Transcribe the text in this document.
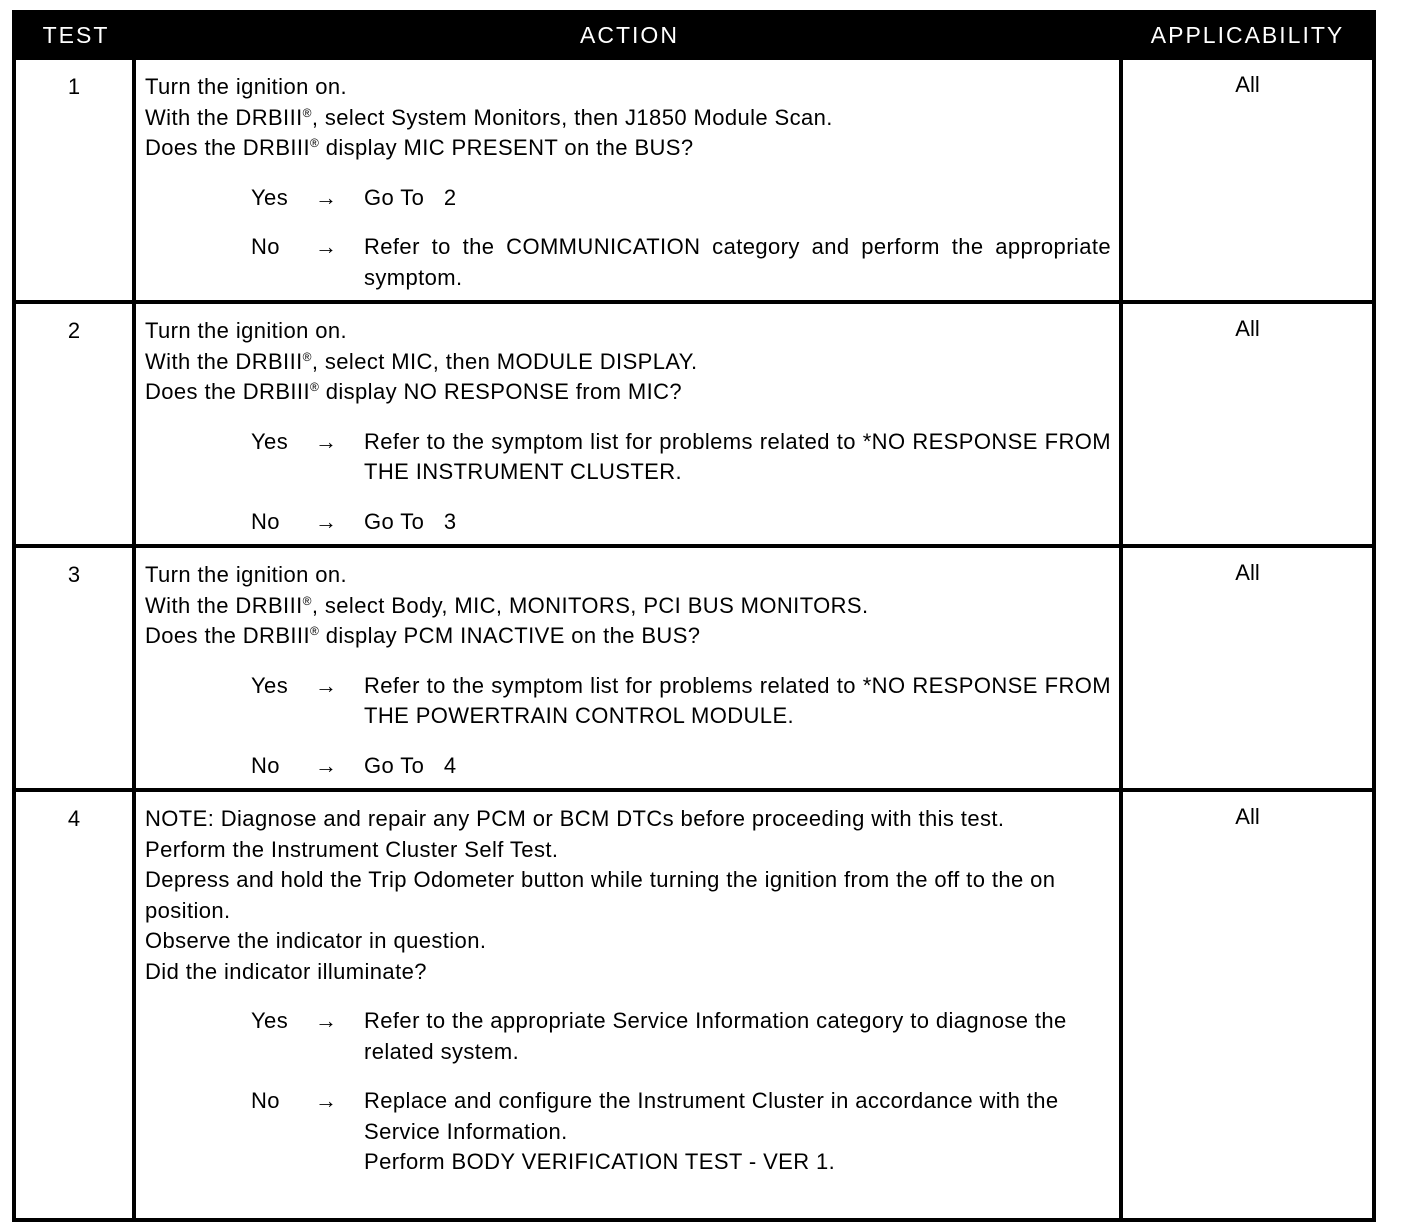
TEST	ACTION	APPLICABILITY
1	Turn the ignition on.
With the DRBIII®, select System Monitors, then J1850 Module Scan.
Does the DRBIII® display MIC PRESENT on the BUS?
Yes	→	Go To   2
No	→	Refer to the COMMUNICATION category and perform the appropriate symptom.
All
2	Turn the ignition on.
With the DRBIII®, select MIC, then MODULE DISPLAY.
Does the DRBIII® display NO RESPONSE from MIC?
Yes	→	Refer to the symptom list for problems related to *NO RESPONSE FROM THE INSTRUMENT CLUSTER.
No	→	Go To   3
All
3	Turn the ignition on.
With the DRBIII®, select Body, MIC, MONITORS, PCI BUS MONITORS.
Does the DRBIII® display PCM INACTIVE on the BUS?
Yes	→	Refer to the symptom list for problems related to *NO RESPONSE FROM THE POWERTRAIN CONTROL MODULE.
No	→	Go To   4
All
4	NOTE: Diagnose and repair any PCM or BCM DTCs before proceeding with this test.
Perform the Instrument Cluster Self Test.
Depress and hold the Trip Odometer button while turning the ignition from the off to the on position.
Observe the indicator in question.
Did the indicator illuminate?
Yes	→	Refer to the appropriate Service Information category to diagnose the related system.
No	→	Replace and configure the Instrument Cluster in accordance with the Service Information.
Perform BODY VERIFICATION TEST - VER 1.
All
